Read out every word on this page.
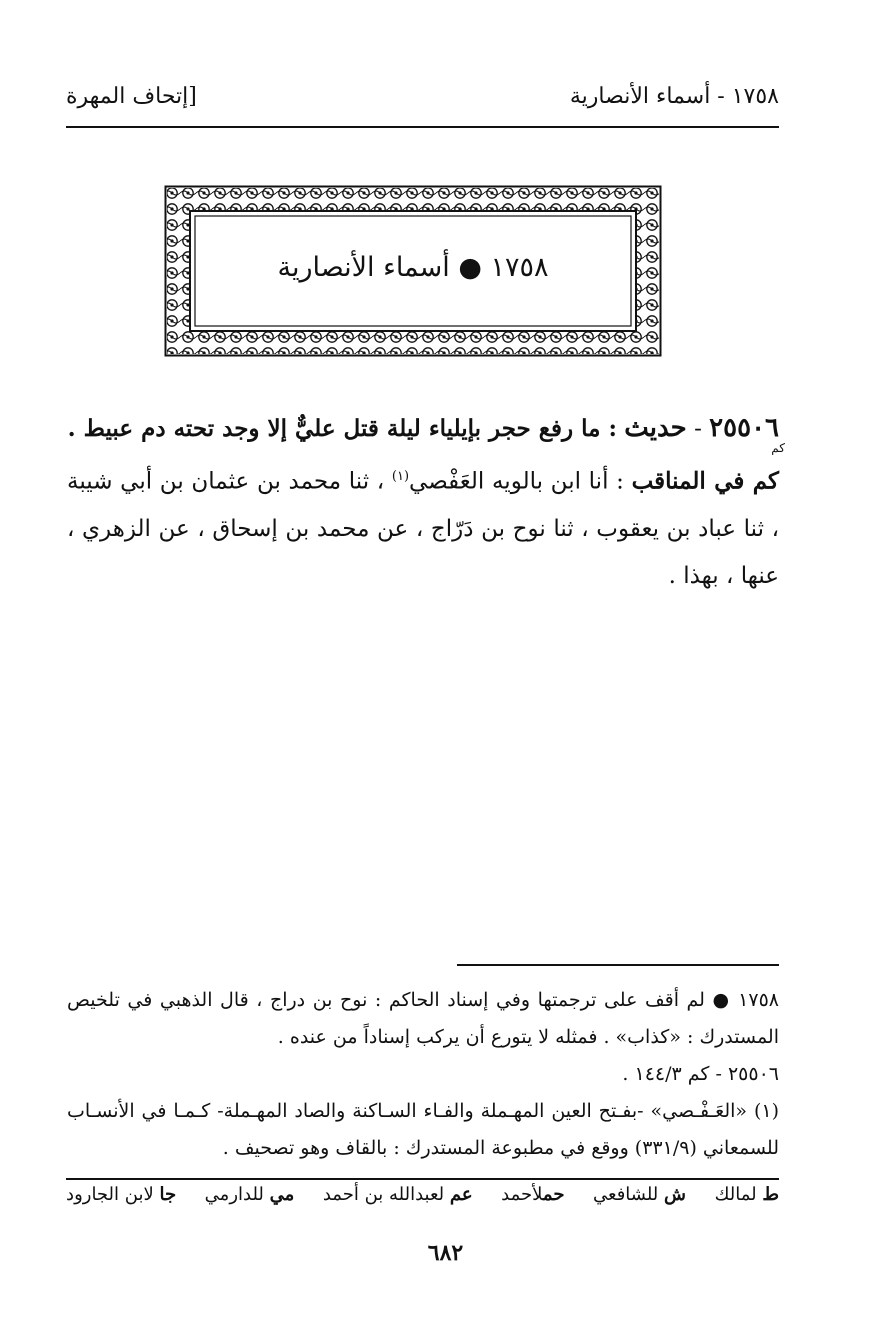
١٧٥٨ - أسماء الأنصارية
[إتحاف المهرة
١٧٥٨ ● أسماء الأنصارية
كم
٢٥٥٠٦ - حديث : ما رفع حجر بإيلياء ليلة قتل عليٌّ إلا وجد تحته دم عبيط .
كم في المناقب : أنا ابن بالويه العَفْصي$^{(١)}$ ، ثنا محمد بن عثمان بن أبي شيبة ، ثنا عباد بن يعقوب ، ثنا نوح بن دَرّاج ، عن محمد بن إسحاق ، عن الزهري ، عنها ، بهذا .

١٧٥٨ ● لم أقف على ترجمتها وفي إسناد الحاكم : نوح بن دراج ، قال الذهبي في تلخيص المستدرك : «كذاب» . فمثله لا يتورع أن يركب إسناداً من عنده .

٢٥٥٠٦ - كم ١٤٤/٣ .

(١) «العَـفْـصي» -بفـتح العين المهـملة والفـاء السـاكنة والصاد المهـملة- كـمـا في الأنسـاب للسمعاني (٣٣١/٩) ووقع في مطبوعة المستدرك : بالقاف وهو تصحيف .

ط لمالك
ش للشافعي
حملأحمد
عم لعبدالله بن أحمد
مي للدارمي
جا لابن الجارود
٦٨٢
